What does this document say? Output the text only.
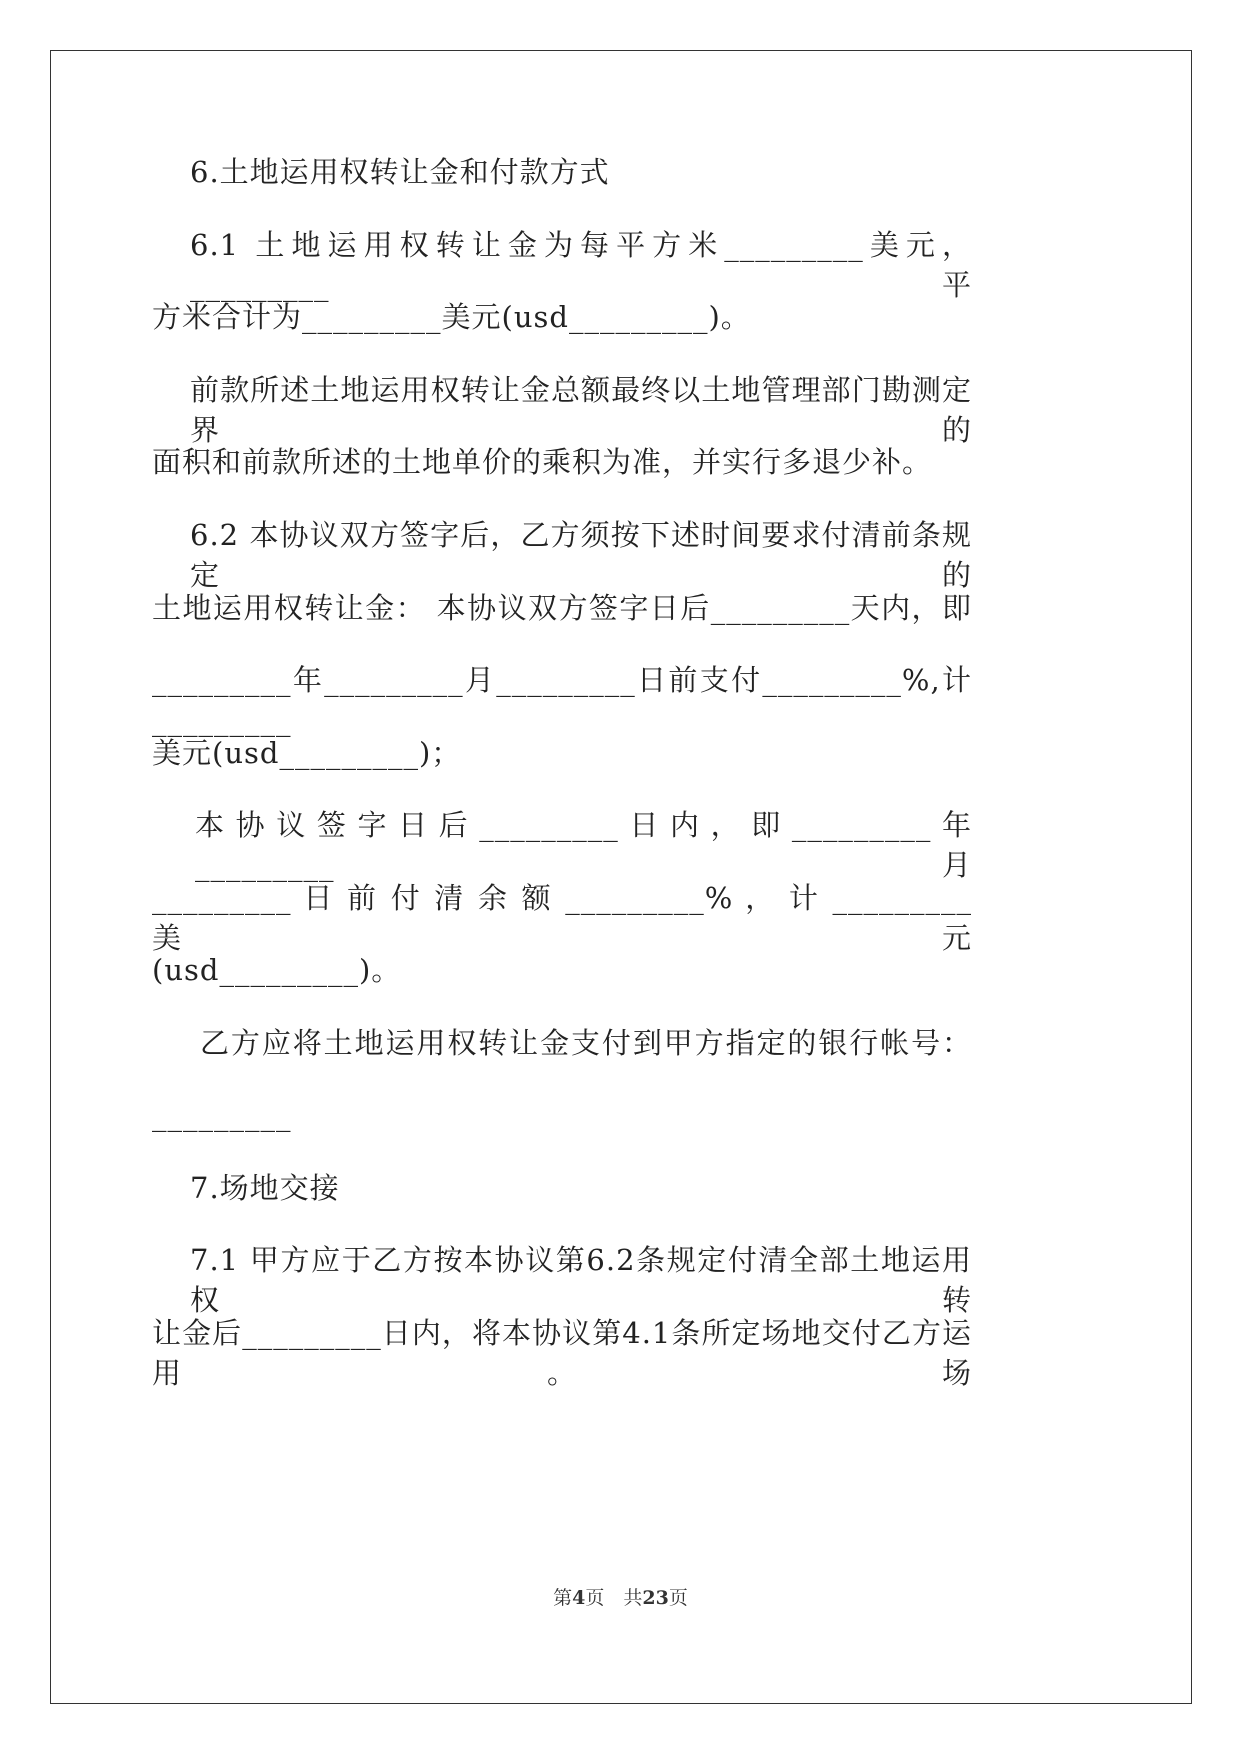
6.土地运用权转让金和付款方式
6.1 土地运用权转让金为每平方米_________美元，_________平
方米合计为_________美元(usd_________)。
前款所述土地运用权转让金总额最终以土地管理部门勘测定界的
面积和前款所述的土地单价的乘积为准，并实行多退少补。
6.2 本协议双方签字后，乙方须按下述时间要求付清前条规定的
土地运用权转让金： 本协议双方签字日后_________天内，即
_________年_________月_________日前支付_________%,计_________
美元(usd_________)；
本协议签字日后_________日内，即_________年_________月
_________ 日 前 付 清 余 额 _________% ， 计 _________ 美 元
(usd_________)。
乙方应将土地运用权转让金支付到甲方指定的银行帐号：
_________
7.场地交接
7.1 甲方应于乙方按本协议第6.2条规定付清全部土地运用权转
让金后_________日内，将本协议第4.1条所定场地交付乙方运用。场
第4页　共23页
